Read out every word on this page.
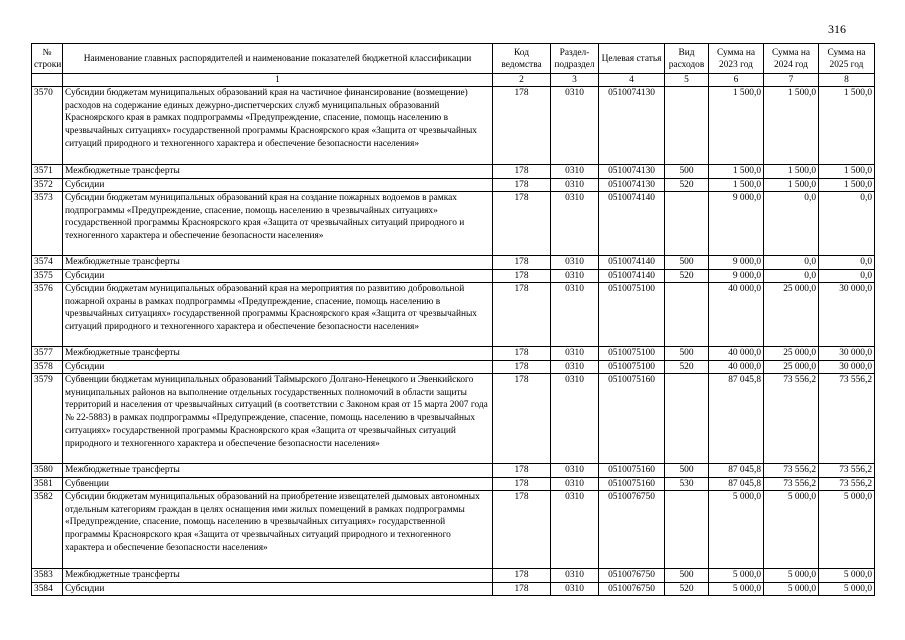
316
№ строки	Наименование главных распорядителей и наименование показателей бюджетной классификации	Код ведомства	Раздел-подраздел	Целевая статья	Вид расходов	Сумма на 2023 год	Сумма на 2024 год	Сумма на 2025 год
	1	2	3	4	5	6	7	8
3570	Субсидии бюджетам муниципальных образований края на частичное финансирование (возмещение) расходов на содержание единых дежурно-диспетчерских служб муниципальных образований Красноярского края в рамках подпрограммы «Предупреждение, спасение, помощь населению в чрезвычайных ситуациях» государственной программы Красноярского края «Защита от чрезвычайных ситуаций природного и техногенного характера и обеспечение безопасности населения»	178	0310	0510074130		1 500,0	1 500,0	1 500,0
3571	Межбюджетные трансферты	178	0310	0510074130	500	1 500,0	1 500,0	1 500,0
3572	Субсидии	178	0310	0510074130	520	1 500,0	1 500,0	1 500,0
3573	Субсидии бюджетам муниципальных образований края на создание пожарных водоемов в рамках подпрограммы «Предупреждение, спасение, помощь населению в чрезвычайных ситуациях» государственной программы Красноярского края «Защита от чрезвычайных ситуаций природного и техногенного характера и обеспечение безопасности населения»	178	0310	0510074140		9 000,0	0,0	0,0
3574	Межбюджетные трансферты	178	0310	0510074140	500	9 000,0	0,0	0,0
3575	Субсидии	178	0310	0510074140	520	9 000,0	0,0	0,0
3576	Субсидии бюджетам муниципальных образований края на мероприятия по развитию добровольной пожарной охраны в рамках подпрограммы «Предупреждение, спасение, помощь населению в чрезвычайных ситуациях» государственной программы Красноярского края «Защита от чрезвычайных ситуаций природного и техногенного характера и обеспечение безопасности населения»	178	0310	0510075100		40 000,0	25 000,0	30 000,0
3577	Межбюджетные трансферты	178	0310	0510075100	500	40 000,0	25 000,0	30 000,0
3578	Субсидии	178	0310	0510075100	520	40 000,0	25 000,0	30 000,0
3579	Субвенции бюджетам муниципальных образований Таймырского Долгано-Ненецкого и Эвенкийского муниципальных районов на выполнение отдельных государственных полномочий в области защиты территорий и населения от чрезвычайных ситуаций (в соответствии с Законом края от 15 марта 2007 года № 22-5883) в рамках подпрограммы «Предупреждение, спасение, помощь населению в чрезвычайных ситуациях» государственной программы Красноярского края «Защита от чрезвычайных ситуаций природного и техногенного характера и обеспечение безопасности населения»	178	0310	0510075160		87 045,8	73 556,2	73 556,2
3580	Межбюджетные трансферты	178	0310	0510075160	500	87 045,8	73 556,2	73 556,2
3581	Субвенции	178	0310	0510075160	530	87 045,8	73 556,2	73 556,2
3582	Субсидии бюджетам муниципальных образований на приобретение извещателей дымовых автономных отдельным категориям граждан в целях оснащения ими жилых помещений в рамках подпрограммы «Предупреждение, спасение, помощь населению в чрезвычайных ситуациях» государственной программы Красноярского края «Защита от чрезвычайных ситуаций природного и техногенного характера и обеспечение безопасности населения»	178	0310	0510076750		5 000,0	5 000,0	5 000,0
3583	Межбюджетные трансферты	178	0310	0510076750	500	5 000,0	5 000,0	5 000,0
3584	Субсидии	178	0310	0510076750	520	5 000,0	5 000,0	5 000,0
